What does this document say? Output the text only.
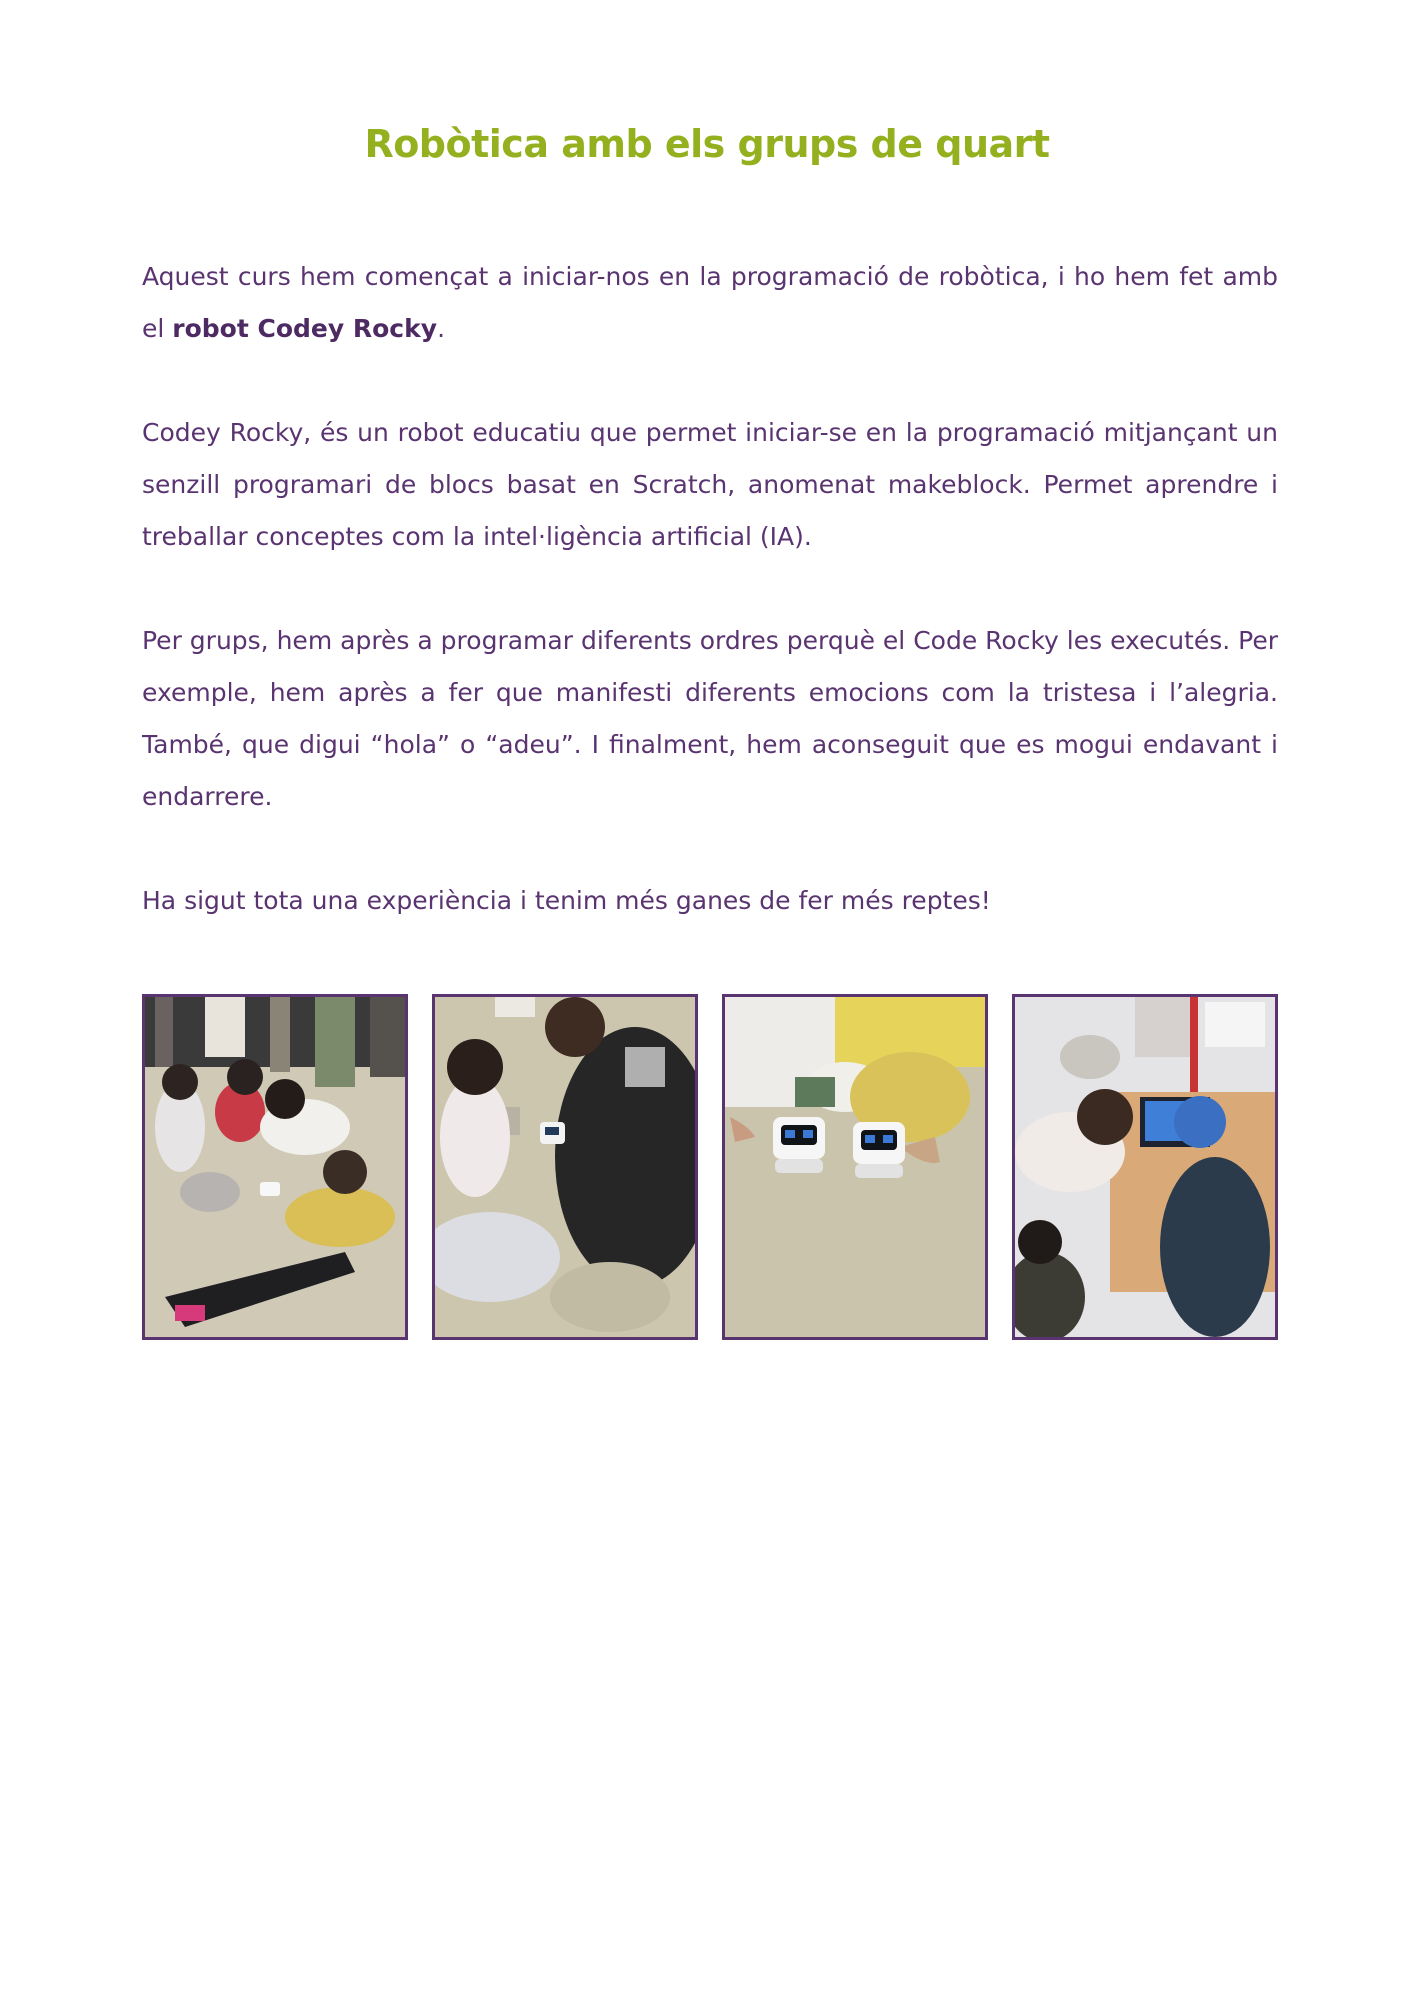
Robòtica amb els grups de quart

Aquest curs hem començat a iniciar-nos en la programació de robòtica, i ho hem fet amb el robot Codey Rocky.

Codey Rocky, és un robot educatiu que permet iniciar-se en la programació mitjançant un senzill programari de blocs basat en Scratch, anomenat makeblock. Permet aprendre i treballar conceptes com la intel·ligència artificial (IA).

Per grups, hem après a programar diferents ordres perquè el Code Rocky les executés. Per exemple, hem après a fer que manifesti diferents emocions com la tristesa i l’alegria. També, que digui “hola” o “adeu”. I finalment, hem aconseguit que es mogui endavant i endarrere.

Ha sigut tota una experiència i tenim més ganes de fer més reptes!
